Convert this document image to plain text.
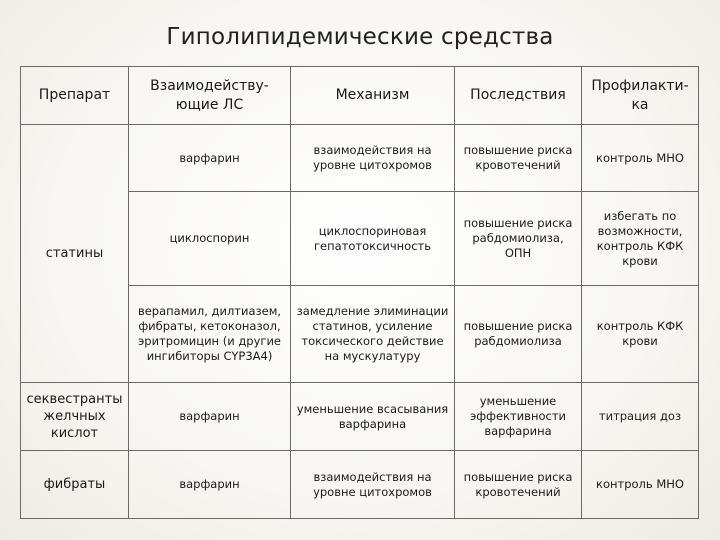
Гиполипидемические средства
Препарат	Взаимодейству-ющие ЛС	Механизм	Последствия	Профилакти-ка
статины	варфарин	взаимодействия на уровне цитохромов	повышение риска кровотечений	контроль МНО
	циклоспорин	циклоспориновая гепатотоксичность	повышение риска рабдомиолиза, ОПН	избегать по возможности, контроль КФК крови
	верапамил, дилтиазем, фибраты, кетоконазол, эритромицин (и другие ингибиторы CYP3A4)	замедление элиминации статинов, усиление токсического действие на мускулатуру	повышение риска рабдомиолиза	контроль КФК крови
секвестранты желчных кислот	варфарин	уменьшение всасывания варфарина	уменьшение эффективности варфарина	титрация доз
фибраты	варфарин	взаимодействия на уровне цитохромов	повышение риска кровотечений	контроль МНО
